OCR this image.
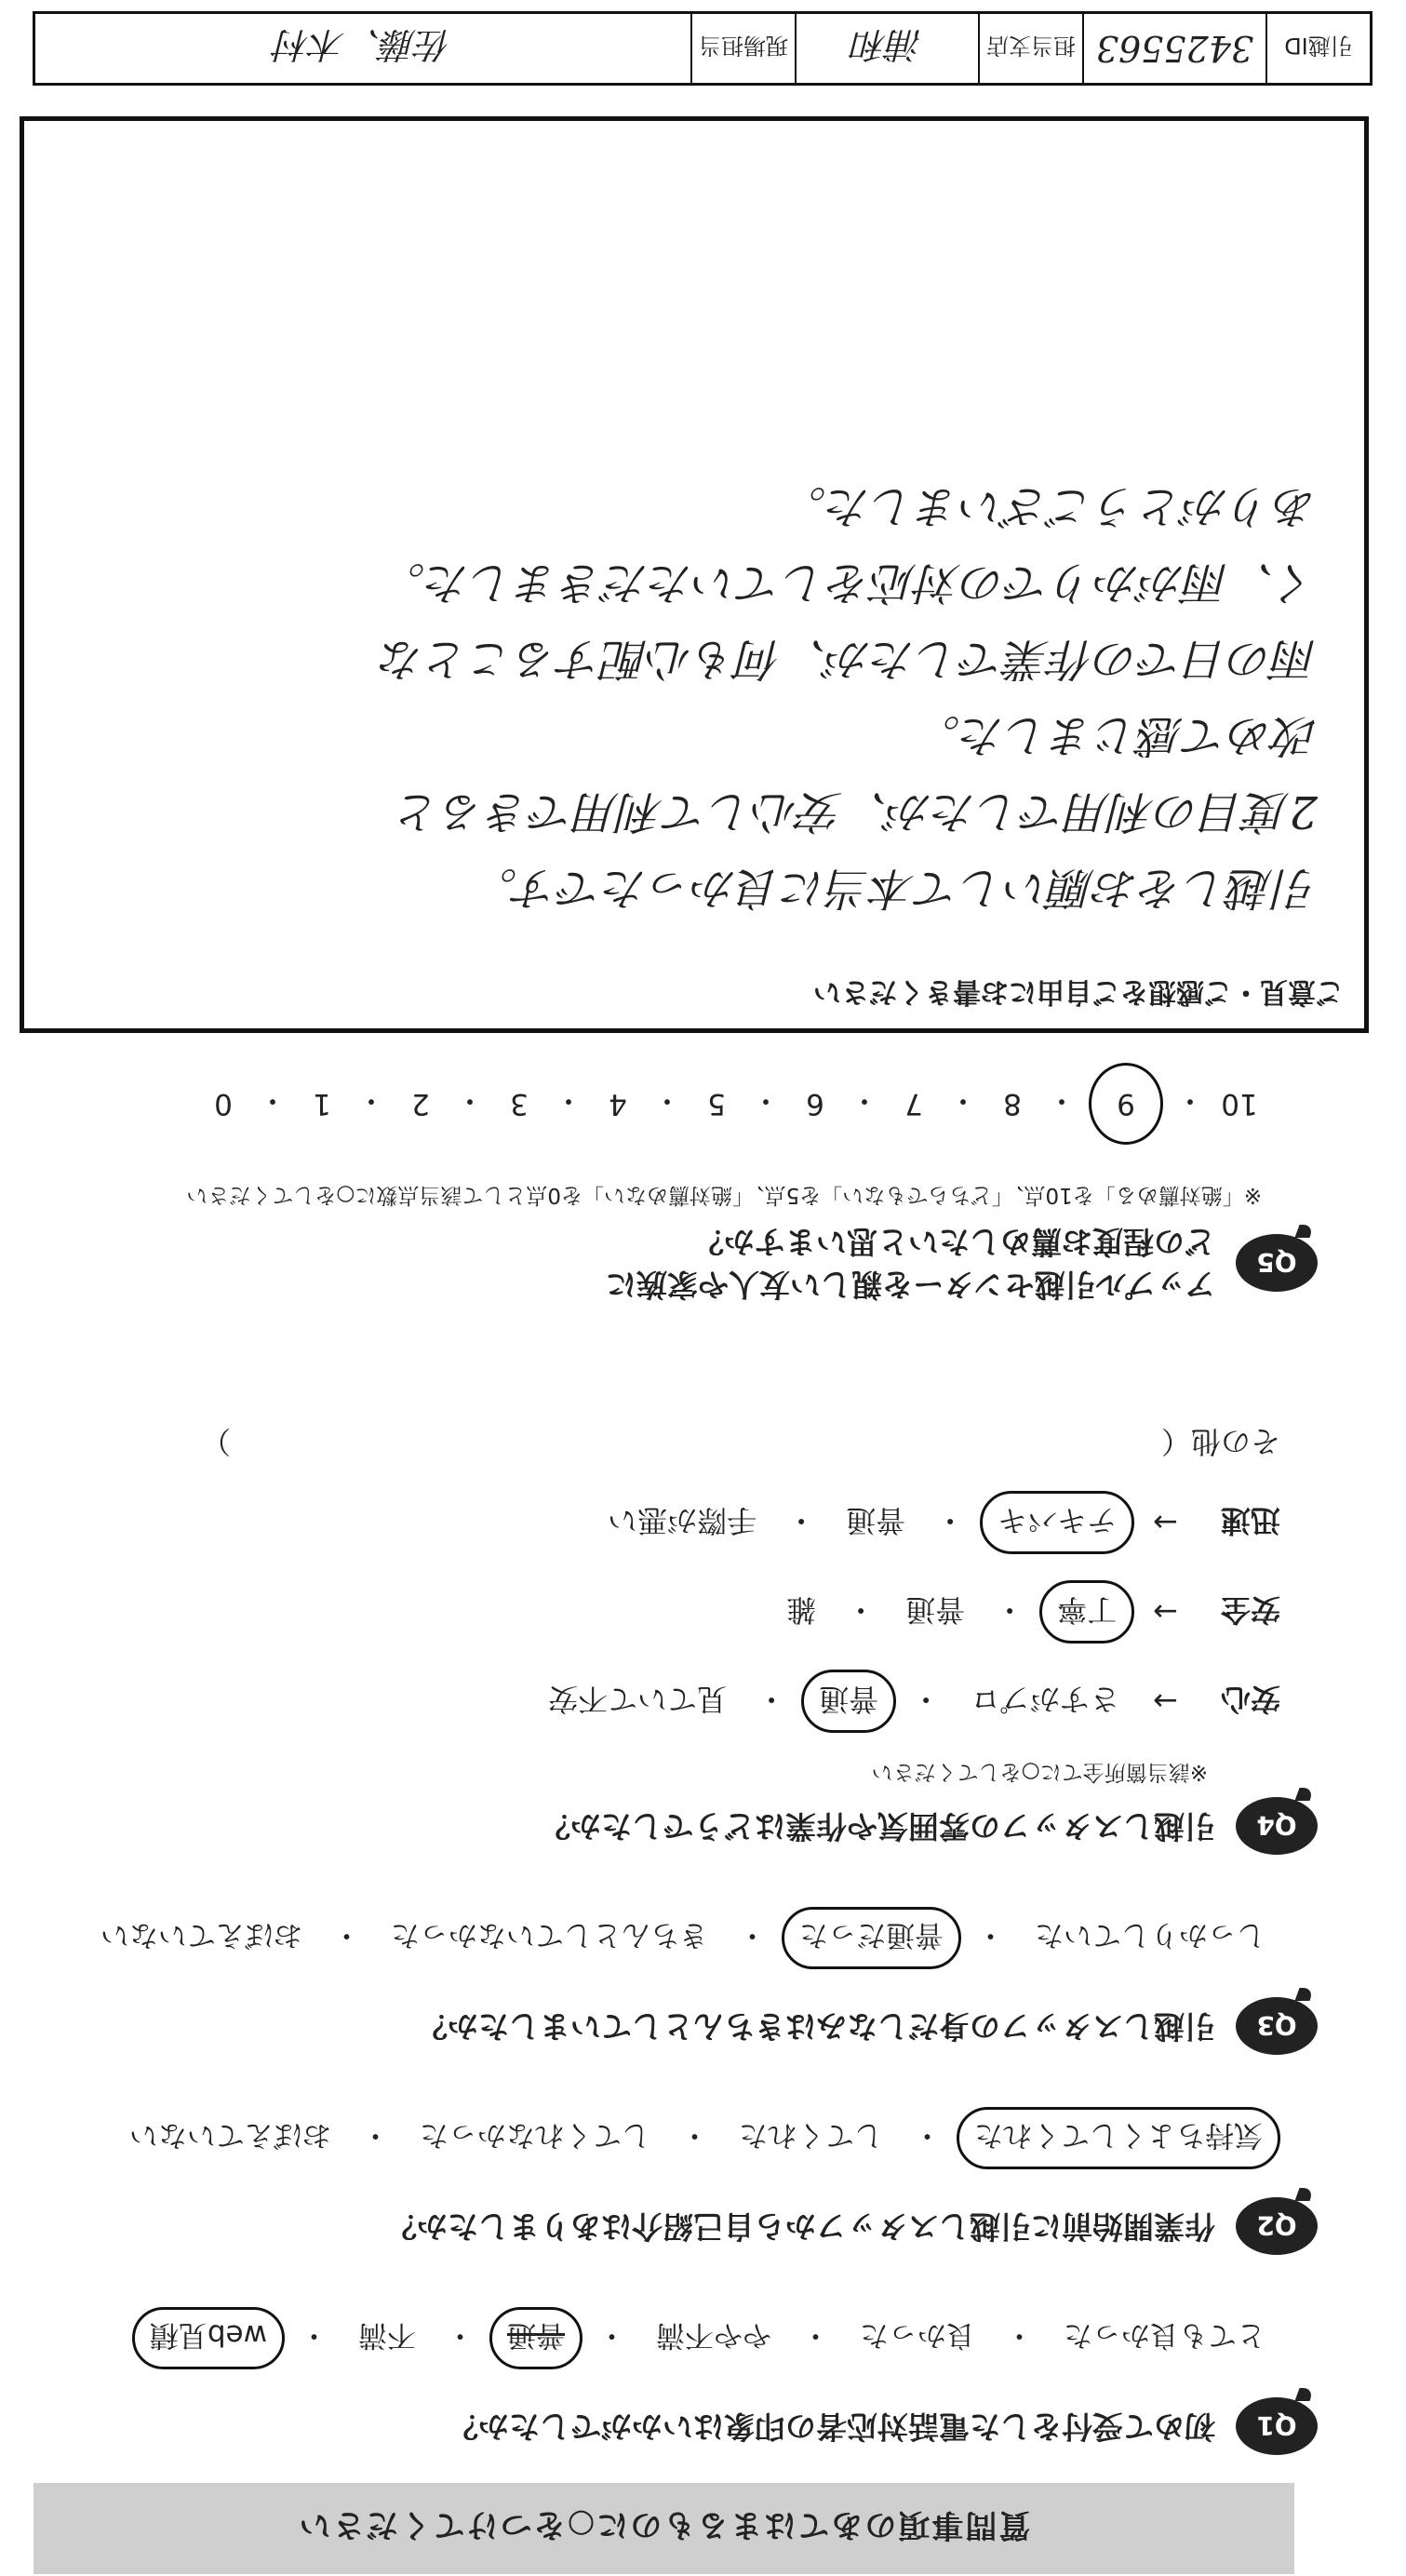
質問事項のあてはまるものに○をつけてください
Q1
初めて受付をした電話対応者の印象はいかがでしたか？
とても良かった
・
良かった
・
やや不満
・
普通
・
不満
・
web見積
Q2
作業開始前に引越しスタッフから自己紹介はありましたか？
気持ちよくしてくれた
・
してくれた
・
してくれなかった
・
おぼえていない
Q3
引越しスタッフの身だしなみはきちんとしていましたか？
しっかりしていた
・
普通だった
・
きちんとしていなかった
・
おぼえていない
Q4
引越しスタッフの雰囲気や作業はどうでしたか？
※該当箇所全てに○をしてください
安心
→
さすがプロ
・
普通
・
見ていて不安
安全
→
丁寧
・
普通
・
雑
迅速
→
テキパキ
・
普通
・
手際が悪い
その他（
）
Q5
アップル引越センターを親しい友人や家族に
どの程度お薦めしたいと思いますか？
※「絶対薦める」を10点、「どちらでもない」を5点、「絶対薦めない」を0点として該当点数に○をしてください
10
・
9
・
8
・
7
・
6
・
5
・
4
・
3
・
2
・
1
・
0
ご意見・ご感想をご自由にお書きください
引越しをお願いして本当に良かったです。
2度目の利用でしたが、安心して利用できると
改めて感じました。
雨の日での作業でしたが、何も心配することな
く、雨がかりでの対応をしていただきました。
ありがとうございました。
引越ID
3425563
担当支店
浦和
現場担当
佐藤、木村
